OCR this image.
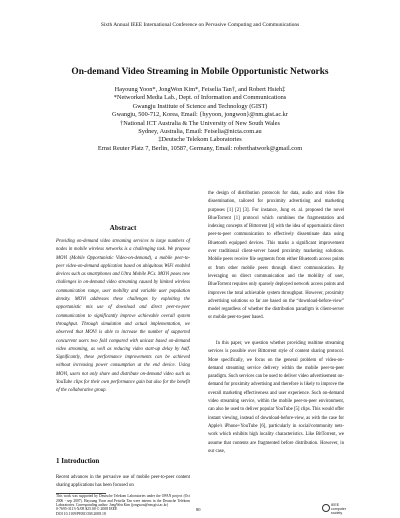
Sixth Annual IEEE International Conference on Pervasive Computing and Communications
On-demand Video Streaming in Mobile Opportunistic Networks
Hayoung Yoon*, JongWon Kim*, Feiselia Tan†, and Robert Hsieh‡
*Networked Media Lab., Dept. of Information and Communications
Gwangju Institute of Science and Technology (GIST)
Gwangju, 500-712, Korea, Email: {hyyoon, jongwon}@nm.gist.ac.kr
†National ICT Australia & The University of New South Wales
Sydney, Australia, Email: Feiselia@nicta.com.au
‡Deutsche Telekom Laboratories
Ernst Reuter Platz 7, Berlin, 10587, Germany, Email: roberthatwork@gmail.com
Abstract

Providing on-demand video streaming services to large numbers of nodes in mobile wireless networks is a challenging task. We propose MOVi (Mobile Opportunistic Video-on-demand), a mobile peer-to-peer video-on-demand application based on ubiquitous WiFi enabled devices such as smartphones and Ultra Mobile PCs. MOVi poses new challenges in on-demand video streaming caused by limited wireless communication range, user mobility and variable user population density. MOVi addresses these challenges by exploiting the opportunistic mix use of download and direct peer-to-peer communication to significantly improve achievable overall system throughput. Through simulation and actual implementation, we observed that MOVi is able to increase the number of supported concurrent users two fold compared with unicast based on-demand video streaming, as well as reducing video start-up delay by half. Significantly, these performance improvements can be achieved without increasing power consumption at the end device. Using MOVi, users not only share and distribute on-demand video such as YouTube clips for their own performance gain but also for the benefit of the collaborative group.

1 Introduction

Recent advances in the pervasive use of mobile peer-to-peer content sharing applications has been focused on

This work was supported by Deutsche Telekom Laboratories under the OPAN project (Oct 2006 - sep 2007). Hayoung Yoon and Feiselia Tan were interns in the Deutsche Telekom Laboratories. Corresponding author: JongWon Kim (jongwon@nm.gist.ac.kr)

the design of distribution protocols for data, audio and video file dissemination, tailored for proximity advertising and marketing purposes [1] [2] [3]. For instance, Jung et. al. proposed the novel BlueTorrent [1] protocol which combines the fragmentation and indexing concepts of Bittorrent [4] with the idea of opportunistic direct peer-to-peer communication to effectively disseminate data using Bluetooth equipped devices. This marks a significant improvement over traditional client-server based proximity marketing solutions. Mobile peers receive file segments from either Bluetooth access points or from other mobile peers through direct communication. By leveraging on direct communication and the mobility of user, BlueTorrent requires only sparsely deployed network access points and improves the total achievable system throughput. However, proximity advertising solutions so far are based on the “download-before-view” model regardless of whether the distribution paradigm is client-server or mobile peer-to-peer based.

In this paper, we question whether providing realtime streaming services is possible over Bittorrent style of content sharing protocol. More specifically, we focus on the general problem of video-on-demand streaming service delivery within the mobile peer-to-peer paradigm. Such services can be used to deliver video advertisement on-demand for proximity advertising and therefore is likely to improve the overall marketing effectiveness and user experience. Such on-demand video streaming service, within the mobile peer-to-peer environment, can also be used to deliver popular YouTube [5] clips. This would offer instant viewing, instead of download-before-view, as with the case for Apple's iPhone+YouTube [6], particularly in social/community nets-work which exhibits high locality characteristics. Like BitTorrent, we assume that contents are fragmented before distribution. However, in our case,

0-7695-3113-X/08 $25.00 © 2008 IEEE
DOI 10.1109/PERCOM.2008.18
80
IEEE
computer
society
